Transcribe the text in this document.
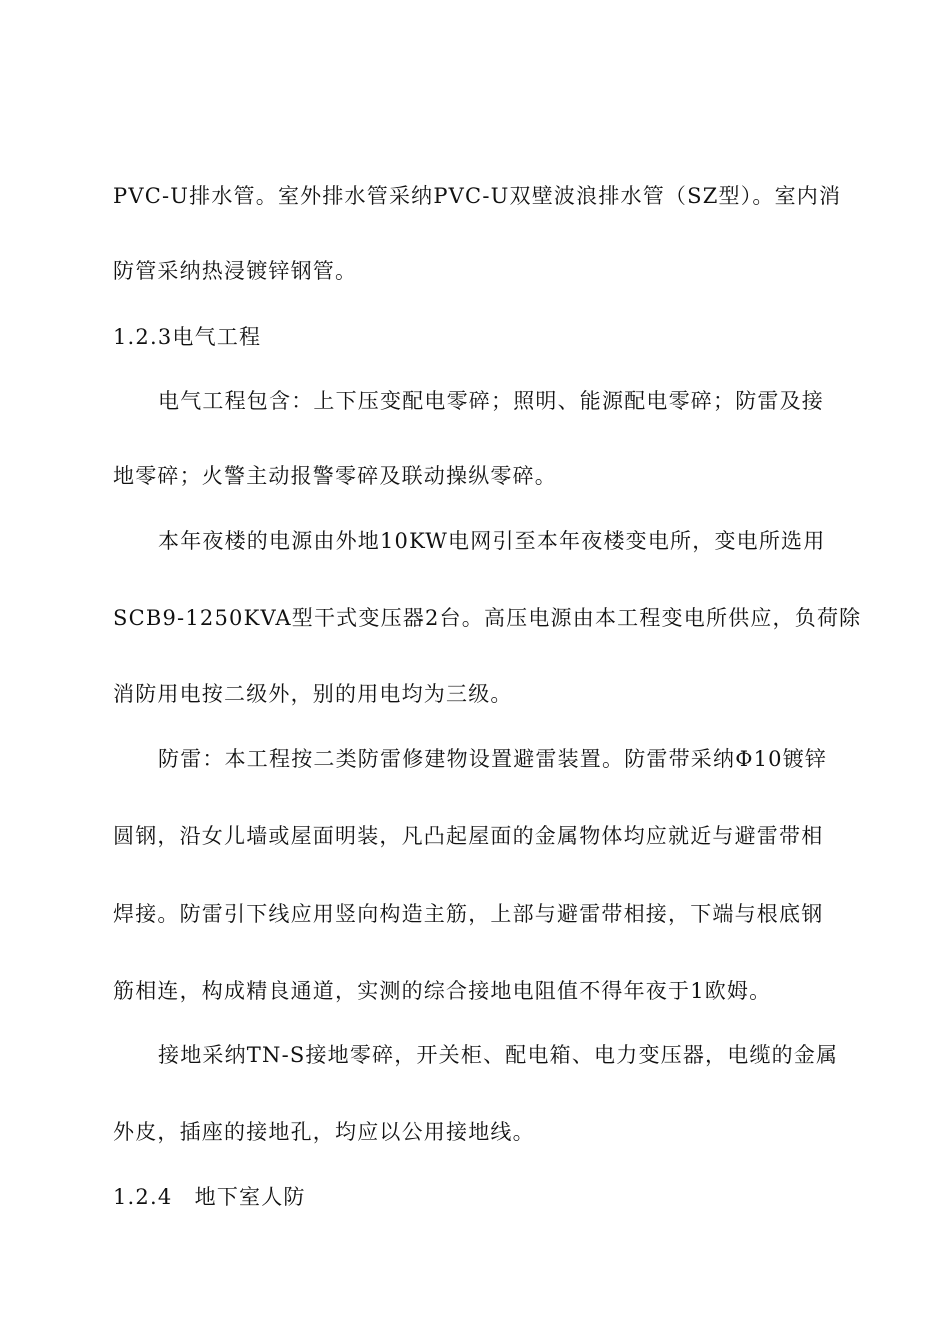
PVC-U排水管。室外排水管采纳PVC-U双壁波浪排水管（SZ型）。室内消
防管采纳热浸镀锌钢管。
1.2.3电气工程
电气工程包含：上下压变配电零碎；照明、能源配电零碎；防雷及接
地零碎；火警主动报警零碎及联动操纵零碎。
本年夜楼的电源由外地10KW电网引至本年夜楼变电所，变电所选用
SCB9-1250KVA型干式变压器2台。高压电源由本工程变电所供应，负荷除
消防用电按二级外，别的用电均为三级。
防雷：本工程按二类防雷修建物设置避雷装置。防雷带采纳Φ10镀锌
圆钢，沿女儿墙或屋面明装，凡凸起屋面的金属物体均应就近与避雷带相
焊接。防雷引下线应用竖向构造主筋，上部与避雷带相接，下端与根底钢
筋相连，构成精良通道，实测的综合接地电阻值不得年夜于1欧姆。
接地采纳TN-S接地零碎，开关柜、配电箱、电力变压器，电缆的金属
外皮，插座的接地孔，均应以公用接地线。
1.2.4　地下室人防
